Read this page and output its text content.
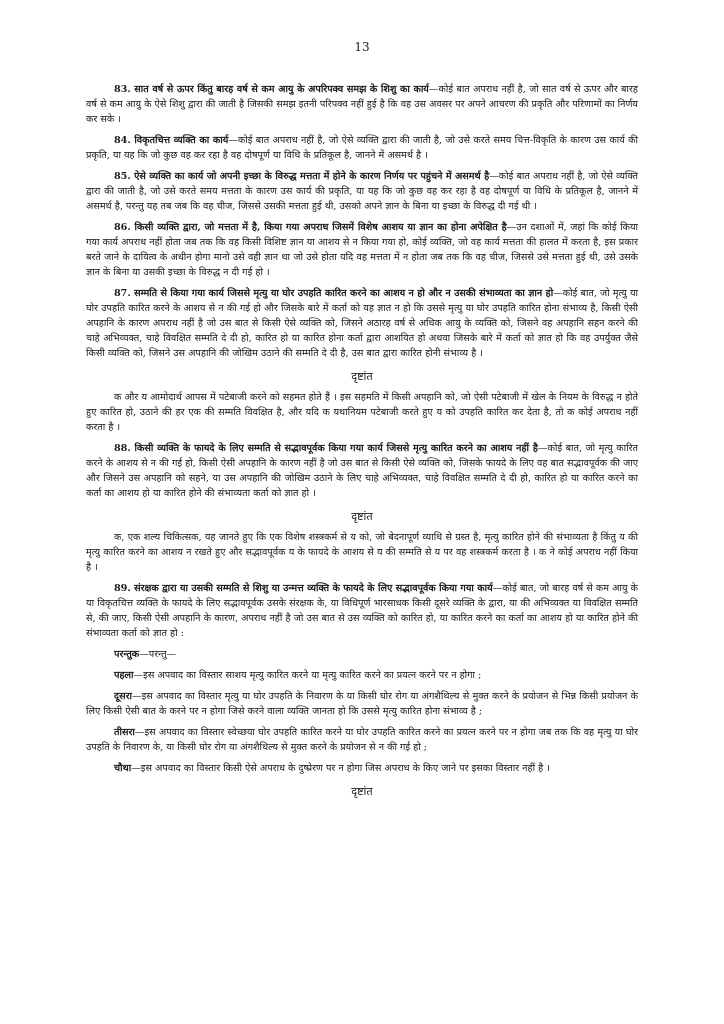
13

83. सात वर्ष से ऊपर किंतु बारह वर्ष से कम आयु के अपरिपक्व समझ के शिशु का कार्य—कोई बात अपराध नहीं है, जो सात वर्ष से ऊपर और बारह वर्ष से कम आयु के ऐसे शिशु द्वारा की जाती है जिसकी समझ इतनी परिपक्व नहीं हुई है कि वह उस अवसर पर अपने आचरण की प्रकृति और परिणामों का निर्णय कर सके ।

84. विकृतचित्त व्यक्ति का कार्य—कोई बात अपराध नहीं है, जो ऐसे व्यक्ति द्वारा की जाती है, जो उसे करते समय चित्त-विकृति के कारण उस कार्य की प्रकृति, या यह कि जो कुछ वह कर रहा है वह दोषपूर्ण या विधि के प्रतिकूल है, जानने में असमर्थ है ।

85. ऐसे व्यक्ति का कार्य जो अपनी इच्छा के विरुद्ध मत्तता में होने के कारण निर्णय पर पहुंचने में असमर्थ है—कोई बात अपराध नहीं है, जो ऐसे व्यक्ति द्वारा की जाती है, जो उसे करते समय मत्तता के कारण उस कार्य की प्रकृति, या यह कि जो कुछ वह कर रहा है वह दोषपूर्ण या विधि के प्रतिकूल है, जानने में असमर्थ है, परन्तु यह तब जब कि वह चीज, जिससे उसकी मत्तता हुई थी, उसको अपने ज्ञान के बिना या इच्छा के विरुद्ध दी गई थी ।

86. किसी व्यक्ति द्वारा, जो मत्तता में है, किया गया अपराध जिसमें विशेष आशय या ज्ञान का होना अपेक्षित है—उन दशाओं में, जहां कि कोई किया गया कार्य अपराध नहीं होता जब तक कि वह किसी विशिष्ट ज्ञान या आशय से न किया गया हो, कोई व्यक्ति, जो वह कार्य मत्तता की हालत में करता है, इस प्रकार बरते जाने के दायित्व के अधीन होगा मानो उसे वही ज्ञान था जो उसे होता यदि वह मत्तता में न होता जब तक कि वह चीज, जिससे उसे मत्तता हुई थी, उसे उसके ज्ञान के बिना या उसकी इच्छा के विरुद्ध न दी गई हो ।

87. सम्मति से किया गया कार्य जिससे मृत्यु या घोर उपहति कारित करने का आशय न हो और न उसकी संभाव्यता का ज्ञान हो—कोई बात, जो मृत्यु या घोर उपहति कारित करने के आशय से न की गई हो और जिसके बारे में कर्ता को यह ज्ञात न हो कि उससे मृत्यु या घोर उपहति कारित होना संभाव्य है, किसी ऐसी अपहानि के कारण अपराध नहीं है जो उस बात से किसी ऐसे व्यक्ति को, जिसने अठारह वर्ष से अधिक आयु के व्यक्ति को, जिसने वह अपहानि सहन करने की चाहे अभिव्यक्त, चाहे विवक्षित सम्मति दे दी हो, कारित हो या कारित होना कर्ता द्वारा आशयित हो अथवा जिसके बारे में कर्ता को ज्ञात हो कि वह उपर्युक्त जैसे किसी व्यक्ति को, जिसने उस अपहानि की जोखिम उठाने की सम्मति दे दी है, उस बात द्वारा कारित होनी संभाव्य है ।

दृष्टांत

क और य आमोदार्थ आपस में पटेबाजी करने को सहमत होते हैं । इस सहमति में किसी अपहानि को, जो ऐसी पटेबाजी में खेल के नियम के विरुद्ध न होते हुए कारित हो, उठाने की हर एक की सम्मति विवक्षित है, और यदि क यथानियम पटेबाजी करते हुए य को उपहति कारित कर देता है, तो क कोई अपराध नहीं करता है ।

88. किसी व्यक्ति के फायदे के लिए सम्मति से सद्भावपूर्वक किया गया कार्य जिससे मृत्यु कारित करने का आशय नहीं है—कोई बात, जो मृत्यु कारित करने के आशय से न की गई हो, किसी ऐसी अपहानि के कारण नहीं है जो उस बात से किसी ऐसे व्यक्ति को, जिसके फायदे के लिए वह बात सद्भावपूर्वक की जाए और जिसने उस अपहानि को सहने, या उस अपहानि की जोखिम उठाने के लिए चाहे अभिव्यक्त, चाहे विवक्षित सम्मति दे दी हो, कारित हो या कारित करने का कर्ता का आशय हो या कारित होने की संभाव्यता कर्ता को ज्ञात हो ।

दृष्टांत

क, एक शल्य चिकित्सक, यह जानते हुए कि एक विशेष शस्त्रकर्म से य को, जो बेदनापूर्ण व्याधि से ग्रस्त है, मृत्यु कारित होने की संभाव्यता है किंतु य की मृत्यु कारित करने का आशय न रखते हुए और सद्भावपूर्वक य के फायदे के आशय से य की सम्मति से य पर वह शस्त्रकर्म करता है । क ने कोई अपराध नहीं किया है ।

89. संरक्षक द्वारा या उसकी सम्मति से शिशु या उन्मत्त व्यक्ति के फायदे के लिए सद्भावपूर्वक किया गया कार्य—कोई बात, जो बारह वर्ष से कम आयु के या विकृतचित्त व्यक्ति के फायदे के लिए सद्भावपूर्वक उसके संरक्षक के, या विधिपूर्ण भारसाधक किसी दूसरे व्यक्ति के द्वारा, या की अभिव्यक्त या विवक्षित सम्मति से, की जाए, किसी ऐसी अपहानि के कारण, अपराध नहीं है जो उस बात से उस व्यक्ति को कारित हो, या कारित करने का कर्ता का आशय हो या कारित होने की संभाव्यता कर्ता को ज्ञात हो :

परन्तुक—परन्तु—

पहला—इस अपवाद का विस्तार साशय मृत्यु कारित करने या मृत्यु कारित करने का प्रयत्न करने पर न होगा ;

दूसरा—इस अपवाद का विस्तार मृत्यु या घोर उपहति के निवारण के या किसी घोर रोग या अंगशैथिल्य से मुक्त करने के प्रयोजन से भिन्न किसी प्रयोजन के लिए किसी ऐसी बात के करने पर न होगा जिसे करने वाला व्यक्ति जानता हो कि उससे मृत्यु कारित होना संभाव्य है ;

तीसरा—इस अपवाद का विस्तार स्वेच्छया घोर उपहति कारित करने या घोर उपहति कारित करने का प्रयत्न करने पर न होगा जब तक कि वह मृत्यु या घोर उपहति के निवारण के, या किसी घोर रोग या अंगशैथिल्य से मुक्त करने के प्रयोजन से न की गई हो ;

चौथा—इस अपवाद का विस्तार किसी ऐसे अपराध के दुष्प्रेरण पर न होगा जिस अपराध के किए जाने पर इसका विस्तार नहीं है ।

दृष्टांत
